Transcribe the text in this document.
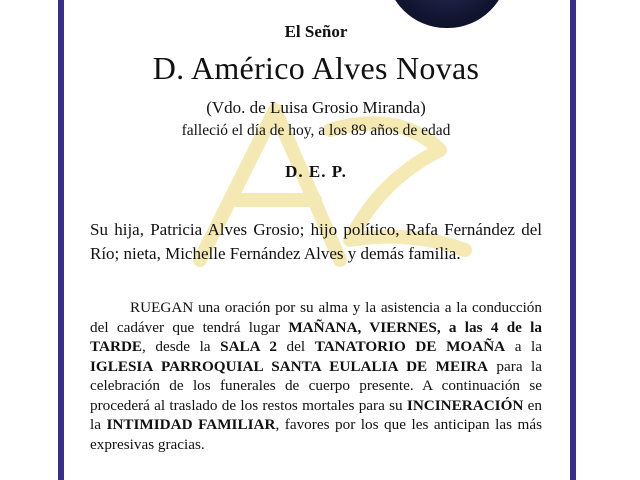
El Señor
D. Américo Alves Novas
(Vdo. de Luisa Grosio Miranda)
falleció el día de hoy, a los 89 años de edad
D. E. P.

Su hija, Patricia Alves Grosio; hijo político, Rafa Fernández del Río; nieta, Michelle Fernández Alves y demás familia.

RUEGAN una oración por su alma y la asistencia a la conducción del cadáver que tendrá lugar MAÑANA, VIERNES, a las 4 de la TARDE, desde la SALA 2 del TANATORIO DE MOAÑA a la IGLESIA PARROQUIAL SANTA EULALIA DE MEIRA para la celebración de los funerales de cuerpo presente. A continuación se procederá al traslado de los restos mortales para su INCINERACIÓN en la INTIMIDAD FAMILIAR, favores por los que les anticipan las más expresivas gracias.
